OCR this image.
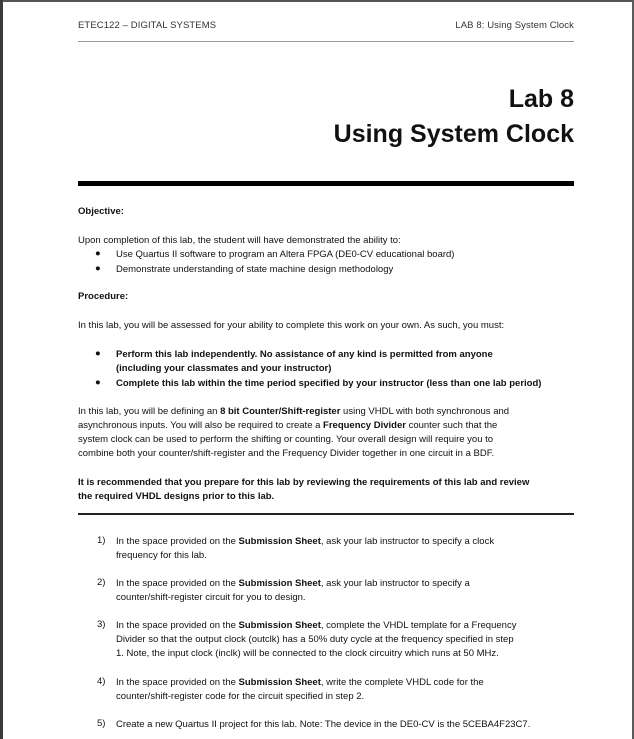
ETEC122 – DIGITAL SYSTEMS	LAB 8: Using System Clock
Lab 8
Using System Clock
Objective:
Upon completion of this lab, the student will have demonstrated the ability to:
● Use Quartus II software to program an Altera FPGA (DE0-CV educational board)
● Demonstrate understanding of state machine design methodology
Procedure:
In this lab, you will be assessed for your ability to complete this work on your own. As such, you must:
● Perform this lab independently. No assistance of any kind is permitted from anyone
(including your classmates and your instructor)
● Complete this lab within the time period specified by your instructor (less than one lab period)
In this lab, you will be defining an 8 bit Counter/Shift-register using VHDL with both synchronous and
asynchronous inputs. You will also be required to create a Frequency Divider counter such that the
system clock can be used to perform the shifting or counting. Your overall design will require you to
combine both your counter/shift-register and the Frequency Divider together in one circuit in a BDF.
It is recommended that you prepare for this lab by reviewing the requirements of this lab and review
the required VHDL designs prior to this lab.
1) In the space provided on the Submission Sheet, ask your lab instructor to specify a clock
frequency for this lab.
2) In the space provided on the Submission Sheet, ask your lab instructor to specify a
counter/shift-register circuit for you to design.
3) In the space provided on the Submission Sheet, complete the VHDL template for a Frequency
Divider so that the output clock (outclk) has a 50% duty cycle at the frequency specified in step
1. Note, the input clock (inclk) will be connected to the clock circuitry which runs at 50 MHz.
4) In the space provided on the Submission Sheet, write the complete VHDL code for the
counter/shift-register code for the circuit specified in step 2.
5) Create a new Quartus II project for this lab. Note: The device in the DE0-CV is the 5CEBA4F23C7.
